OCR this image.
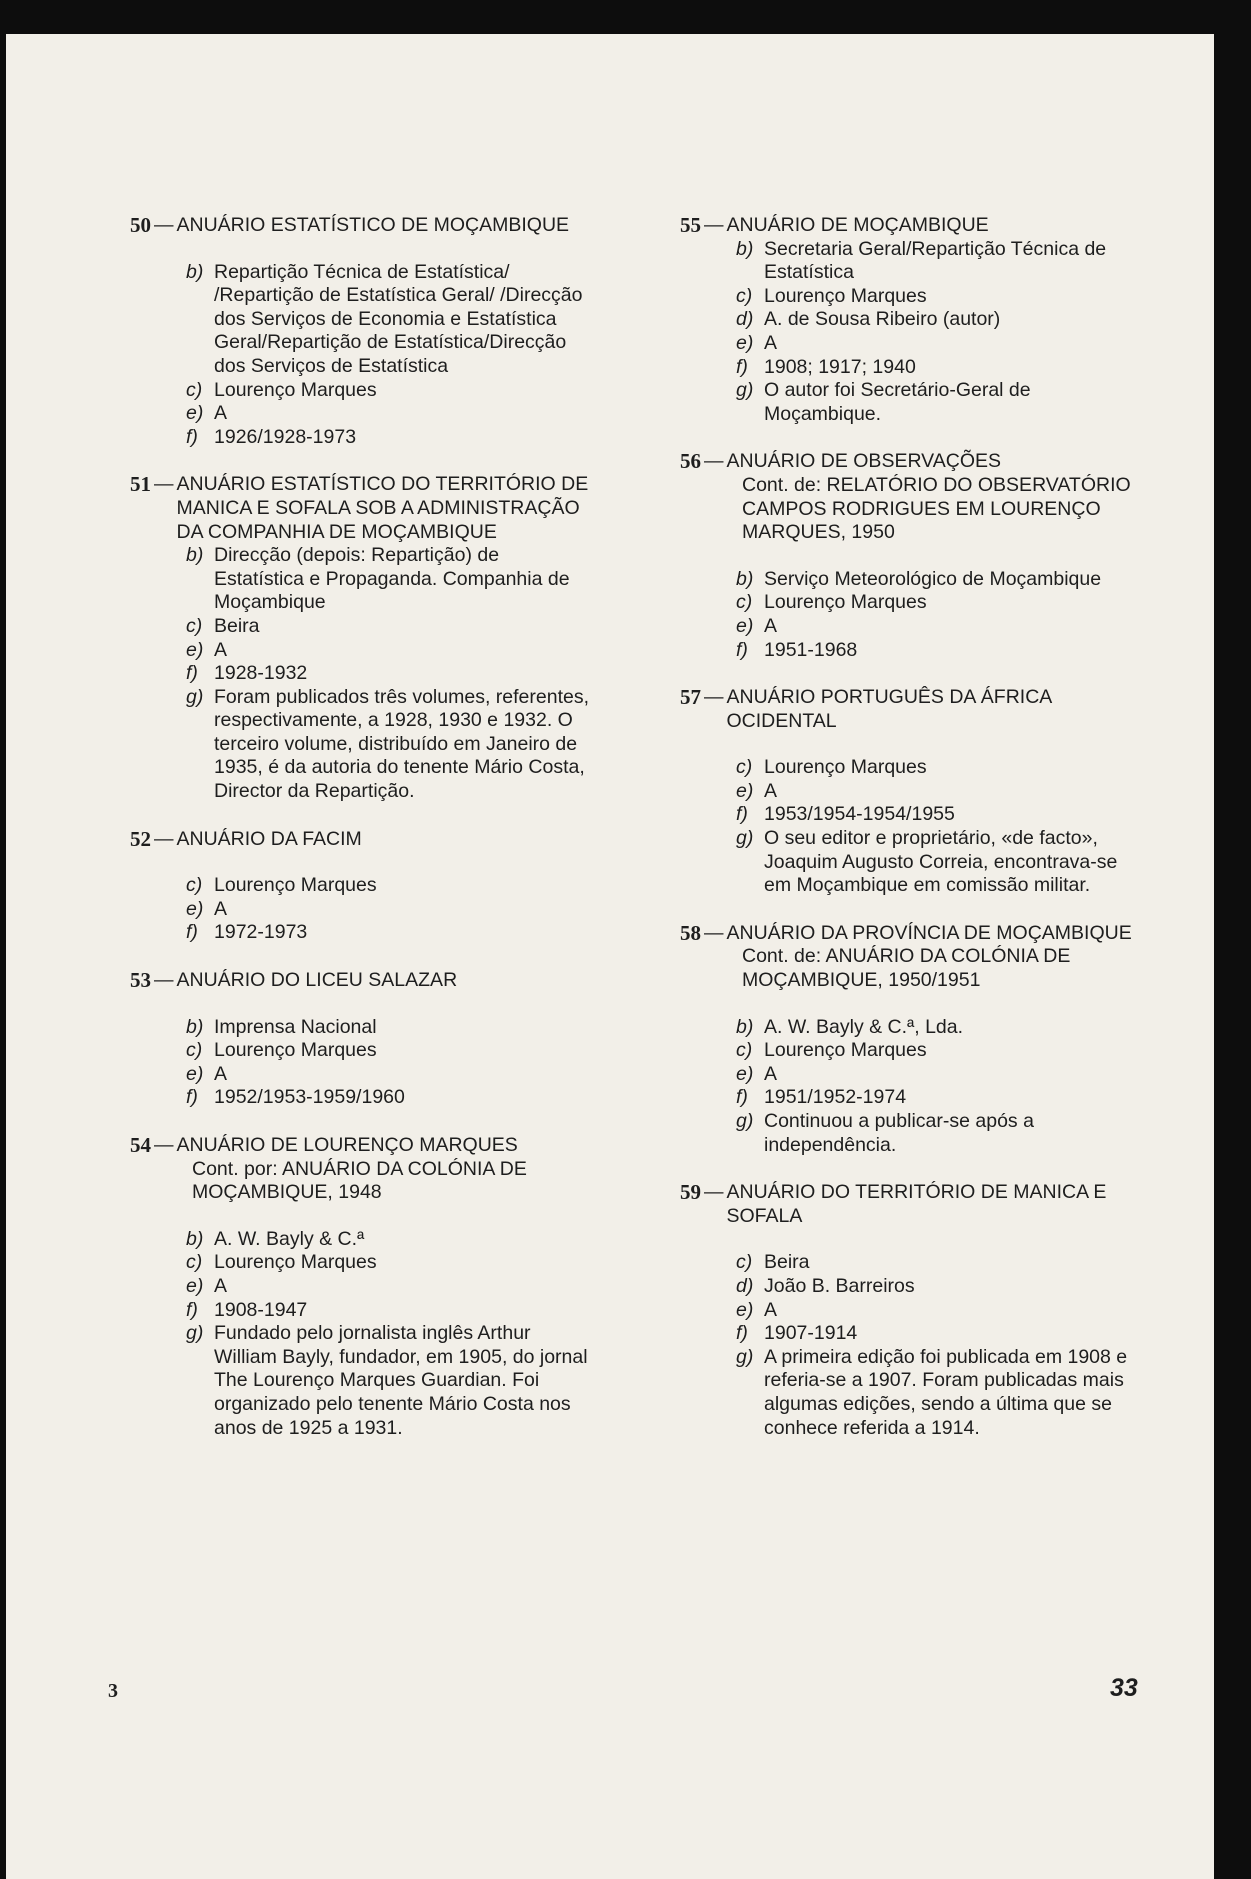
50 — ANUÁRIO ESTATÍSTICO DE MOÇAMBIQUE
b) Repartição Técnica de Estatística/ /Repartição de Estatística Geral/ /Direcção dos Serviços de Economia e Estatística Geral/Repartição de Estatística/Direcção dos Serviços de Estatística
c) Lourenço Marques
e) A
f) 1926/1928-1973
51 — ANUÁRIO ESTATÍSTICO DO TERRITÓRIO DE MANICA E SOFALA SOB A ADMINISTRAÇÃO DA COMPANHIA DE MOÇAMBIQUE
b) Direcção (depois: Repartição) de Estatística e Propaganda. Companhia de Moçambique
c) Beira
e) A
f) 1928-1932
g) Foram publicados três volumes, referentes, respectivamente, a 1928, 1930 e 1932. O terceiro volume, distribuído em Janeiro de 1935, é da autoria do tenente Mário Costa, Director da Repartição.
52 — ANUÁRIO DA FACIM
c) Lourenço Marques
e) A
f) 1972-1973
53 — ANUÁRIO DO LICEU SALAZAR
b) Imprensa Nacional
c) Lourenço Marques
e) A
f) 1952/1953-1959/1960
54 — ANUÁRIO DE LOURENÇO MARQUES
Cont. por: ANUÁRIO DA COLÓNIA DE
MOÇAMBIQUE, 1948
b) A. W. Bayly & C.ª
c) Lourenço Marques
e) A
f) 1908-1947
g) Fundado pelo jornalista inglês Arthur William Bayly, fundador, em 1905, do jornal The Lourenço Marques Guardian. Foi organizado pelo tenente Mário Costa nos anos de 1925 a 1931.
55 — ANUÁRIO DE MOÇAMBIQUE
b) Secretaria Geral/Repartição Técnica de Estatística
c) Lourenço Marques
d) A. de Sousa Ribeiro (autor)
e) A
f) 1908; 1917; 1940
g) O autor foi Secretário-Geral de Moçambique.
56 — ANUÁRIO DE OBSERVAÇÕES
Cont. de: RELATÓRIO DO OBSERVATÓRIO CAMPOS RODRIGUES EM LOURENÇO MARQUES, 1950
b) Serviço Meteorológico de Moçambique
c) Lourenço Marques
e) A
f) 1951-1968
57 — ANUÁRIO PORTUGUÊS DA ÁFRICA OCIDENTAL
c) Lourenço Marques
e) A
f) 1953/1954-1954/1955
g) O seu editor e proprietário, «de facto», Joaquim Augusto Correia, encontrava-se em Moçambique em comissão militar.
58 — ANUÁRIO DA PROVÍNCIA DE MOÇAMBIQUE
Cont. de: ANUÁRIO DA COLÓNIA DE MOÇAMBIQUE, 1950/1951
b) A. W. Bayly & C.ª, Lda.
c) Lourenço Marques
e) A
f) 1951/1952-1974
g) Continuou a publicar-se após a independência.
59 — ANUÁRIO DO TERRITÓRIO DE MANICA E SOFALA
c) Beira
d) João B. Barreiros
e) A
f) 1907-1914
g) A primeira edição foi publicada em 1908 e referia-se a 1907. Foram publicadas mais algumas edições, sendo a última que se conhece referida a 1914.
3	33
